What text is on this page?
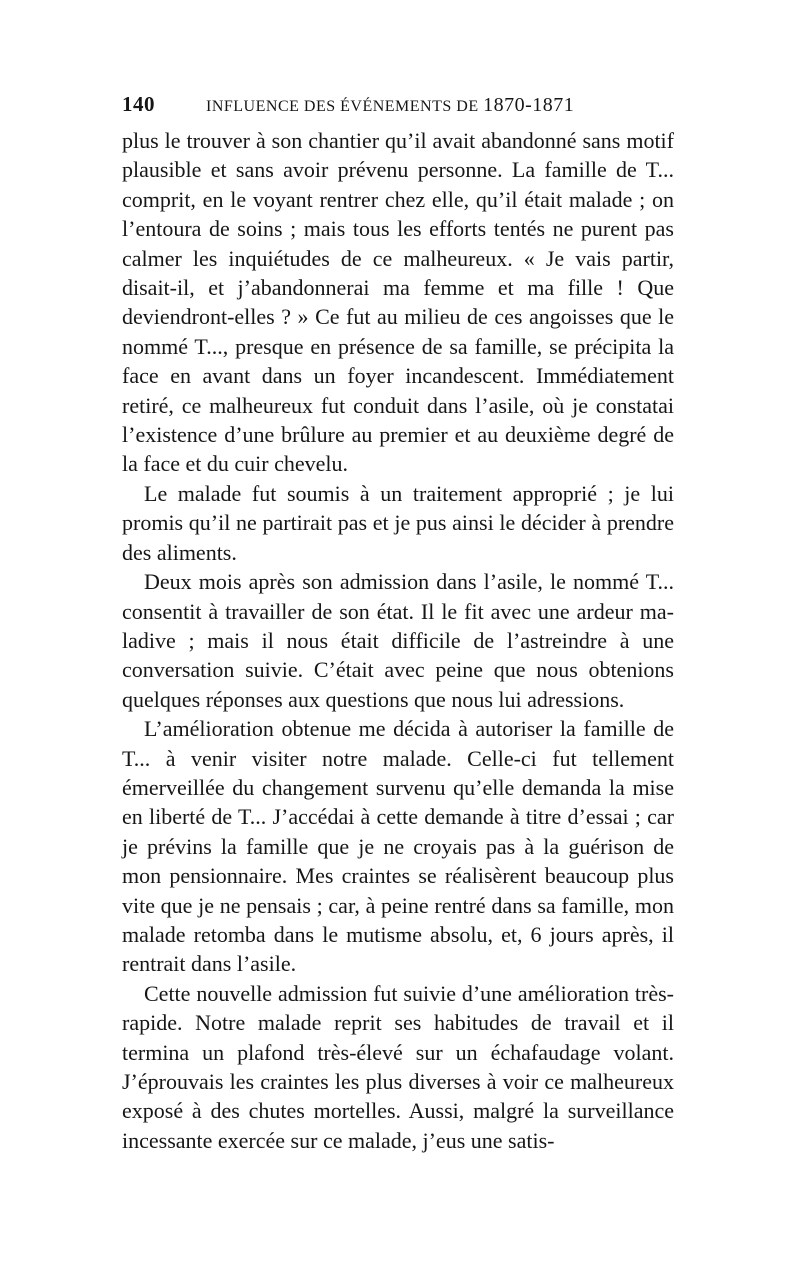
140	INFLUENCE DES ÉVÉNEMENTS DE 1870-1871

plus le trouver à son chantier qu’il avait abandonné sans motif plausible et sans avoir prévenu personne. La famille de T... comprit, en le voyant rentrer chez elle, qu’il était malade ; on l’entoura de soins ; mais tous les efforts tentés ne purent pas calmer les inquiétudes de ce malheureux. « Je vais partir, disait-il, et j’abandonnerai ma femme et ma fille ! Que deviendront-elles ? » Ce fut au milieu de ces angoisses que le nommé T..., presque en présence de sa famille, se précipita la face en avant dans un foyer incandescent. Immédiatement retiré, ce malheureux fut conduit dans l’asile, où je constatai l’existence d’une brûlure au premier et au deuxième degré de la face et du cuir chevelu.

Le malade fut soumis à un traitement approprié ; je lui promis qu’il ne partirait pas et je pus ainsi le décider à prendre des aliments.

Deux mois après son admission dans l’asile, le nommé T... consentit à travailler de son état. Il le fit avec une ardeur maladive ; mais il nous était difficile de l’astreindre à une conversation suivie. C’était avec peine que nous obtenions quelques réponses aux questions que nous lui adressions.

L’amélioration obtenue me décida à autoriser la famille de T... à venir visiter notre malade. Celle-ci fut tellement émerveillée du changement survenu qu’elle demanda la mise en liberté de T... J’accédai à cette demande à titre d’essai ; car je prévins la famille que je ne croyais pas à la guérison de mon pensionnaire. Mes craintes se réalisèrent beaucoup plus vite que je ne pensais ; car, à peine rentré dans sa famille, mon malade retomba dans le mutisme absolu, et, 6 jours après, il rentrait dans l’asile.

Cette nouvelle admission fut suivie d’une amélioration très-rapide. Notre malade reprit ses habitudes de travail et il termina un plafond très-élevé sur un échafaudage volant. J’éprouvais les craintes les plus diverses à voir ce malheureux exposé à des chutes mortelles. Aussi, malgré la surveillance incessante exercée sur ce malade, j’eus une satis-
